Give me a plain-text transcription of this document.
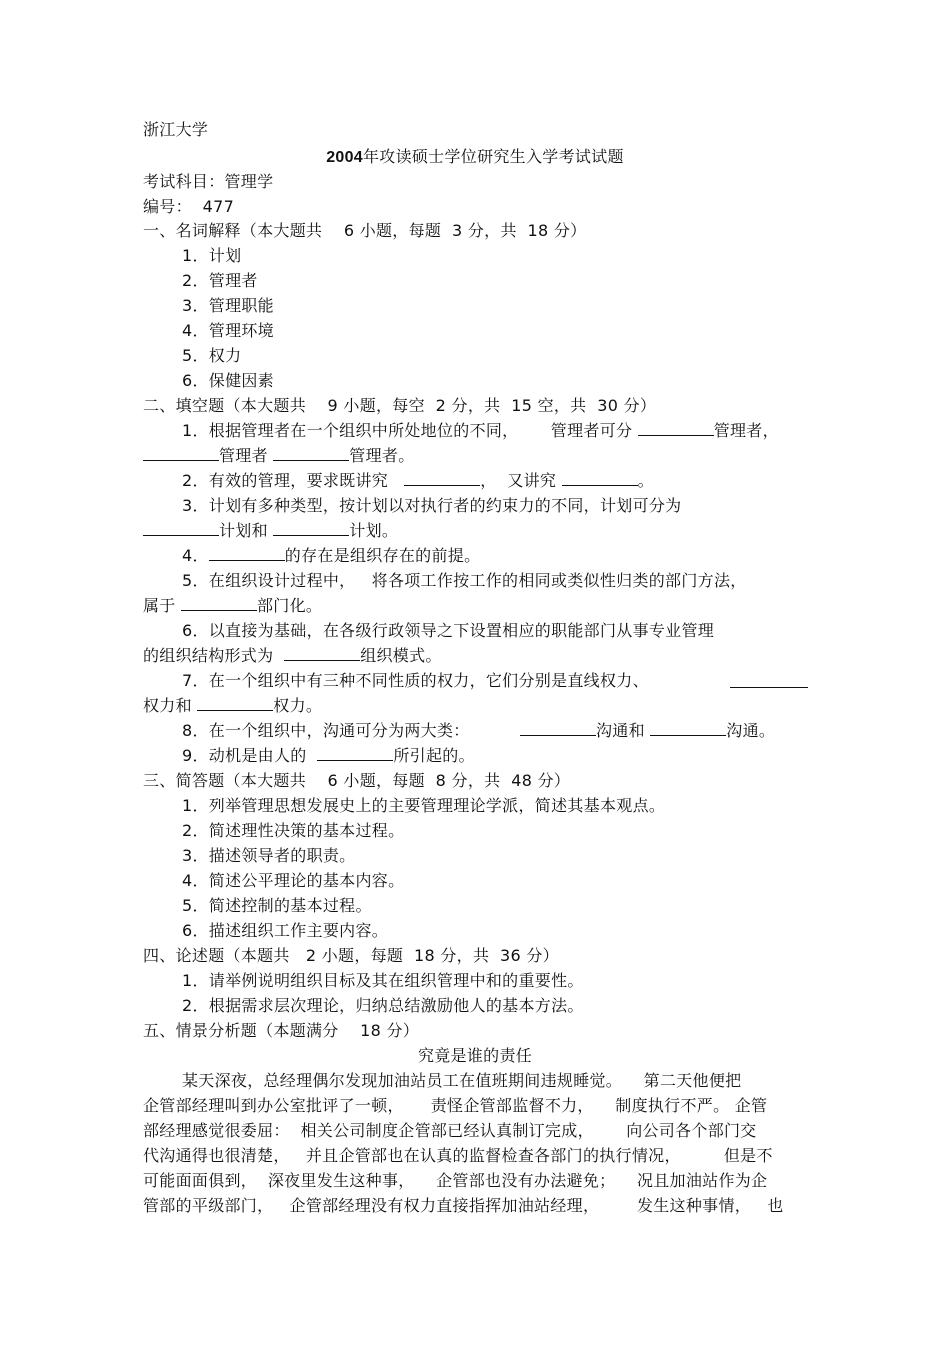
浙江大学
2004年攻读硕士学位研究生入学考试试题
考试科目：管理学
编号：  477
一、名词解释（本大题共    6 小题，每题  3 分，共  18 分）
1．计划
2．管理者
3．管理职能
4．管理环境
5．权力
6．保健因素
二、填空题（本大题共    9 小题，每空  2 分，共  15 空，共  30 分）
1．根据管理者在一个组织中所处地位的不同，      管理者可分	管理者，
管理者	管理者。
2．有效的管理，要求既讲究	，  又讲究	。
3．计划有多种类型，按计划以对执行者的约束力的不同，计划可分为
计划和	计划。
4．	的存在是组织存在的前提。
5．在组织设计过程中，   将各项工作按工作的相同或类似性归类的部门方法，
属于	部门化。
6．以直接为基础，在各级行政领导之下设置相应的职能部门从事专业管理
的组织结构形式为	组织模式。
7．在一个组织中有三种不同性质的权力，它们分别是直线权力、
权力和	权力。
8．在一个组织中，沟通可分为两大类：	沟通和	沟通。
9．动机是由人的	所引起的。
三、简答题（本大题共    6 小题，每题  8 分，共  48 分）
1．列举管理思想发展史上的主要管理理论学派，简述其基本观点。
2．简述理性决策的基本过程。
3．描述领导者的职责。
4．简述公平理论的基本内容。
5．简述控制的基本过程。
6．描述组织工作主要内容。
四、论述题（本题共   2 小题，每题  18 分，共  36 分）
1．请举例说明组织目标及其在组织管理中和的重要性。
2．根据需求层次理论，归纳总结激励他人的基本方法。
五、情景分析题（本题满分    18 分）
究竟是谁的责任
某天深夜，总经理偶尔发现加油站员工在值班期间违规睡觉。    第二天他便把
企管部经理叫到办公室批评了一顿，     责怪企管部监督不力，    制度执行不严。 企管
部经理感觉很委屈：  相关公司制度企管部已经认真制订完成，      向公司各个部门交
代沟通得也很清楚，   并且企管部也在认真的监督检查各部门的执行情况，        但是不
可能面面俱到，  深夜里发生这种事，    企管部也没有办法避免；    况且加油站作为企
管部的平级部门，   企管部经理没有权力直接指挥加油站经理，       发生这种事情，   也
